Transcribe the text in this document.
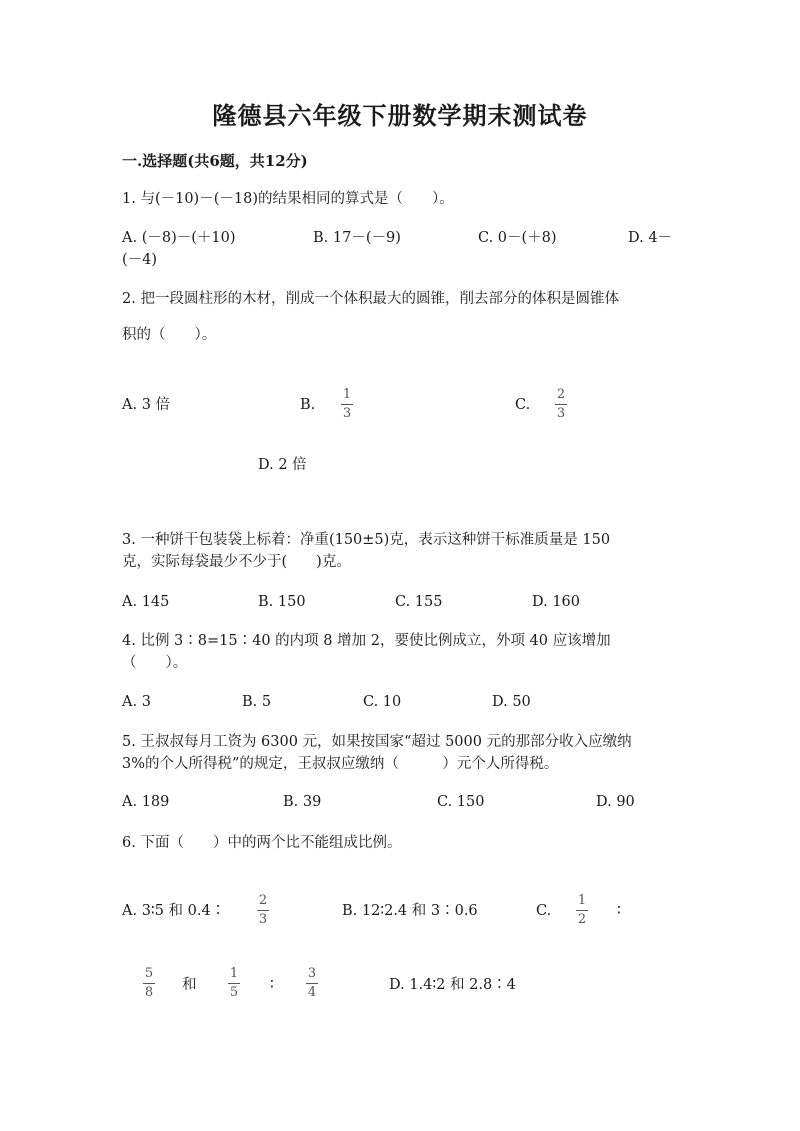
隆德县六年级下册数学期末测试卷
一.选择题(共6题，共12分)
1. 与(－10)－(－18)的结果相同的算式是（　　）。
A. (－8)－(＋10)	B. 17－(－9)	C. 0－(＋8)	D. 4－
(－4)
2. 把一段圆柱形的木材，削成一个体积最大的圆锥，削去部分的体积是圆锥体
积的（　　）。
A. 3 倍	B.
1
3
C.
2
3
D. 2 倍
3. 一种饼干包装袋上标着：净重(150±5)克，表示这种饼干标准质量是 150
克，实际每袋最少不少于(　　)克。
A. 145	B. 150	C. 155	D. 160
4. 比例 3∶8=15∶40 的内项 8 增加 2，要使比例成立，外项 40 应该增加
（　　）。
A. 3	B. 5	C. 10	D. 50
5. 王叔叔每月工资为 6300 元，如果按国家“超过 5000 元的那部分收入应缴纳
3%的个人所得税”的规定，王叔叔应缴纳（　　　）元个人所得税。
A. 189	B. 39	C. 150	D. 90
6. 下面（　　）中的两个比不能组成比例。
A. 3∶5 和 0.4∶
2
3
B. 12∶2.4 和 3∶0.6	C.
1
2
∶
5
8 和
1
5 ∶
3
4	D. 1.4∶2 和 2.8∶4
